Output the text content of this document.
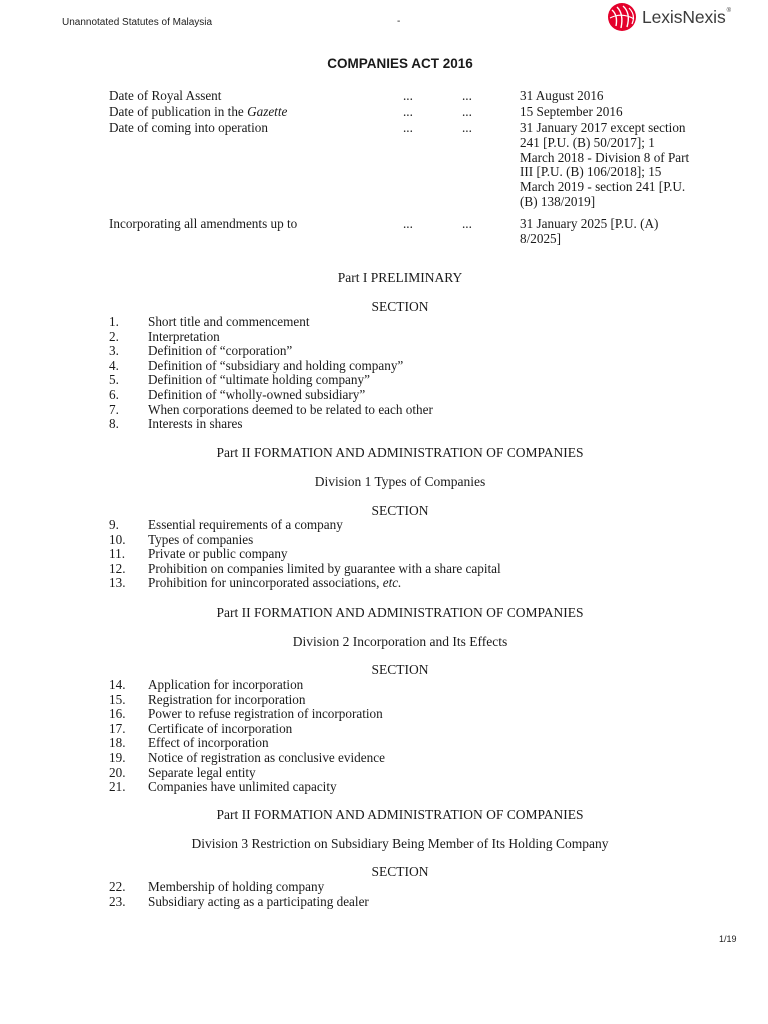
Unannotated Statutes of Malaysia	-	LexisNexis ®
COMPANIES ACT 2016
Date of Royal Assent	...	...	31 August 2016
Date of publication in the Gazette	...	...	15 September 2016
Date of coming into operation	...	...	31 January 2017 except section 241 [P.U. (B) 50/2017]; 1 March 2018 - Division 8 of Part III [P.U. (B) 106/2018]; 15 March 2019 - section 241 [P.U. (B) 138/2019]
Incorporating all amendments up to	...	...	31 January 2025 [P.U. (A) 8/2025]
Part I PRELIMINARY
SECTION
1. Short title and commencement
2. Interpretation
3. Definition of “corporation”
4. Definition of “subsidiary and holding company”
5. Definition of “ultimate holding company”
6. Definition of “wholly-owned subsidiary”
7. When corporations deemed to be related to each other
8. Interests in shares
Part II FORMATION AND ADMINISTRATION OF COMPANIES
Division 1 Types of Companies
SECTION
9. Essential requirements of a company
10. Types of companies
11. Private or public company
12. Prohibition on companies limited by guarantee with a share capital
13. Prohibition for unincorporated associations, etc.
Part II FORMATION AND ADMINISTRATION OF COMPANIES
Division 2 Incorporation and Its Effects
SECTION
14. Application for incorporation
15. Registration for incorporation
16. Power to refuse registration of incorporation
17. Certificate of incorporation
18. Effect of incorporation
19. Notice of registration as conclusive evidence
20. Separate legal entity
21. Companies have unlimited capacity
Part II FORMATION AND ADMINISTRATION OF COMPANIES
Division 3 Restriction on Subsidiary Being Member of Its Holding Company
SECTION
22. Membership of holding company
23. Subsidiary acting as a participating dealer
1/19
